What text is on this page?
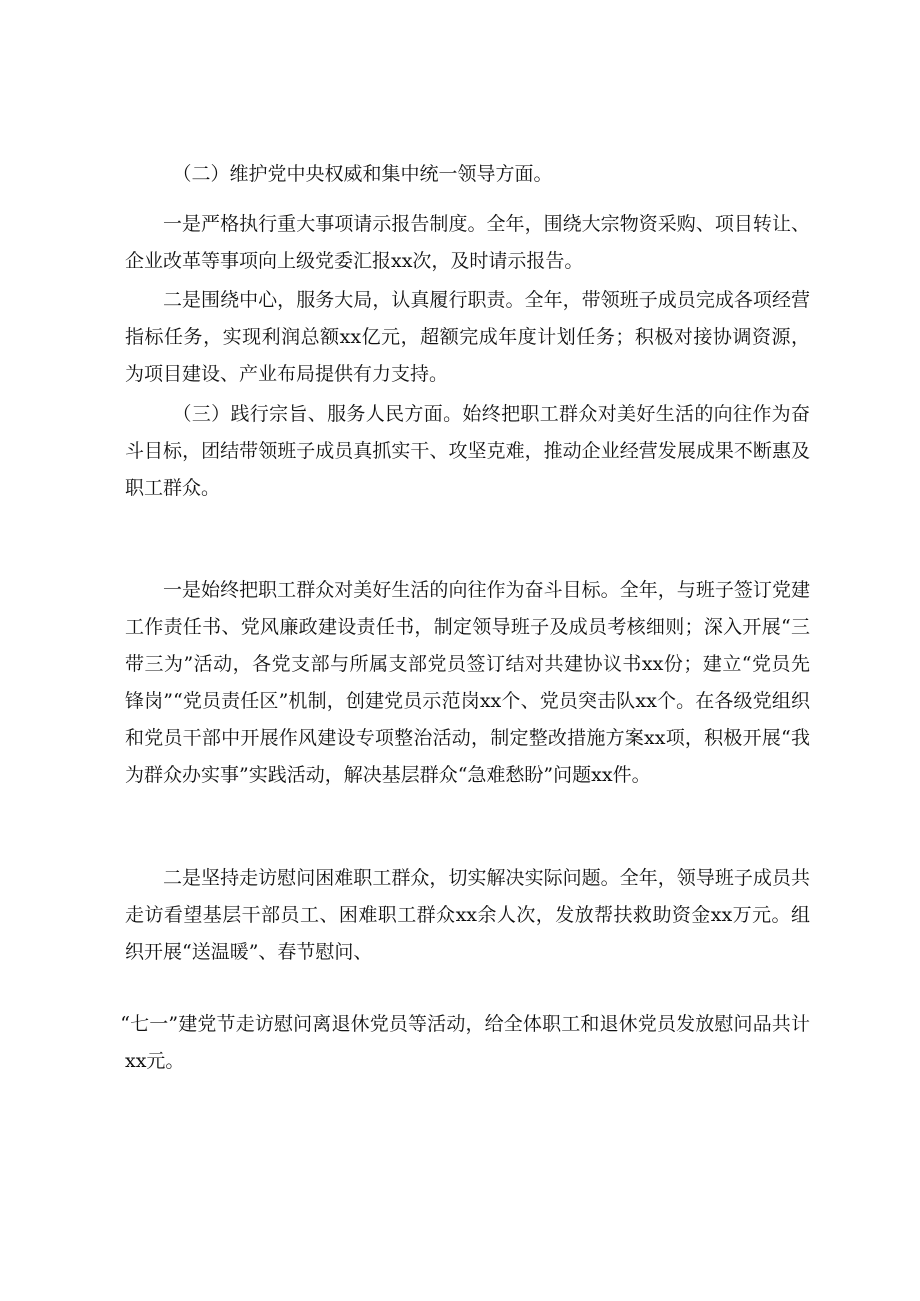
（二）维护党中央权威和集中统一领导方面。

一是严格执行重大事项请示报告制度。全年，围绕大宗物资采购、项目转让、企业改革等事项向上级党委汇报xx次，及时请示报告。

二是围绕中心，服务大局，认真履行职责。全年，带领班子成员完成各项经营指标任务，实现利润总额xx亿元，超额完成年度计划任务；积极对接协调资源，为项目建设、产业布局提供有力支持。

（三）践行宗旨、服务人民方面。始终把职工群众对美好生活的向往作为奋斗目标，团结带领班子成员真抓实干、攻坚克难，推动企业经营发展成果不断惠及职工群众。

一是始终把职工群众对美好生活的向往作为奋斗目标。全年，与班子签订党建工作责任书、党风廉政建设责任书，制定领导班子及成员考核细则；深入开展“三带三为”活动，各党支部与所属支部党员签订结对共建协议书xx份；建立“党员先锋岗”“党员责任区”机制，创建党员示范岗xx个、党员突击队xx个。在各级党组织和党员干部中开展作风建设专项整治活动，制定整改措施方案xx项，积极开展“我为群众办实事”实践活动，解决基层群众“急难愁盼”问题xx件。

二是坚持走访慰问困难职工群众，切实解决实际问题。全年，领导班子成员共走访看望基层干部员工、困难职工群众xx余人次，发放帮扶救助资金xx万元。组织开展“送温暖”、春节慰问、

“七一”建党节走访慰问离退休党员等活动，给全体职工和退休党员发放慰问品共计xx元。
